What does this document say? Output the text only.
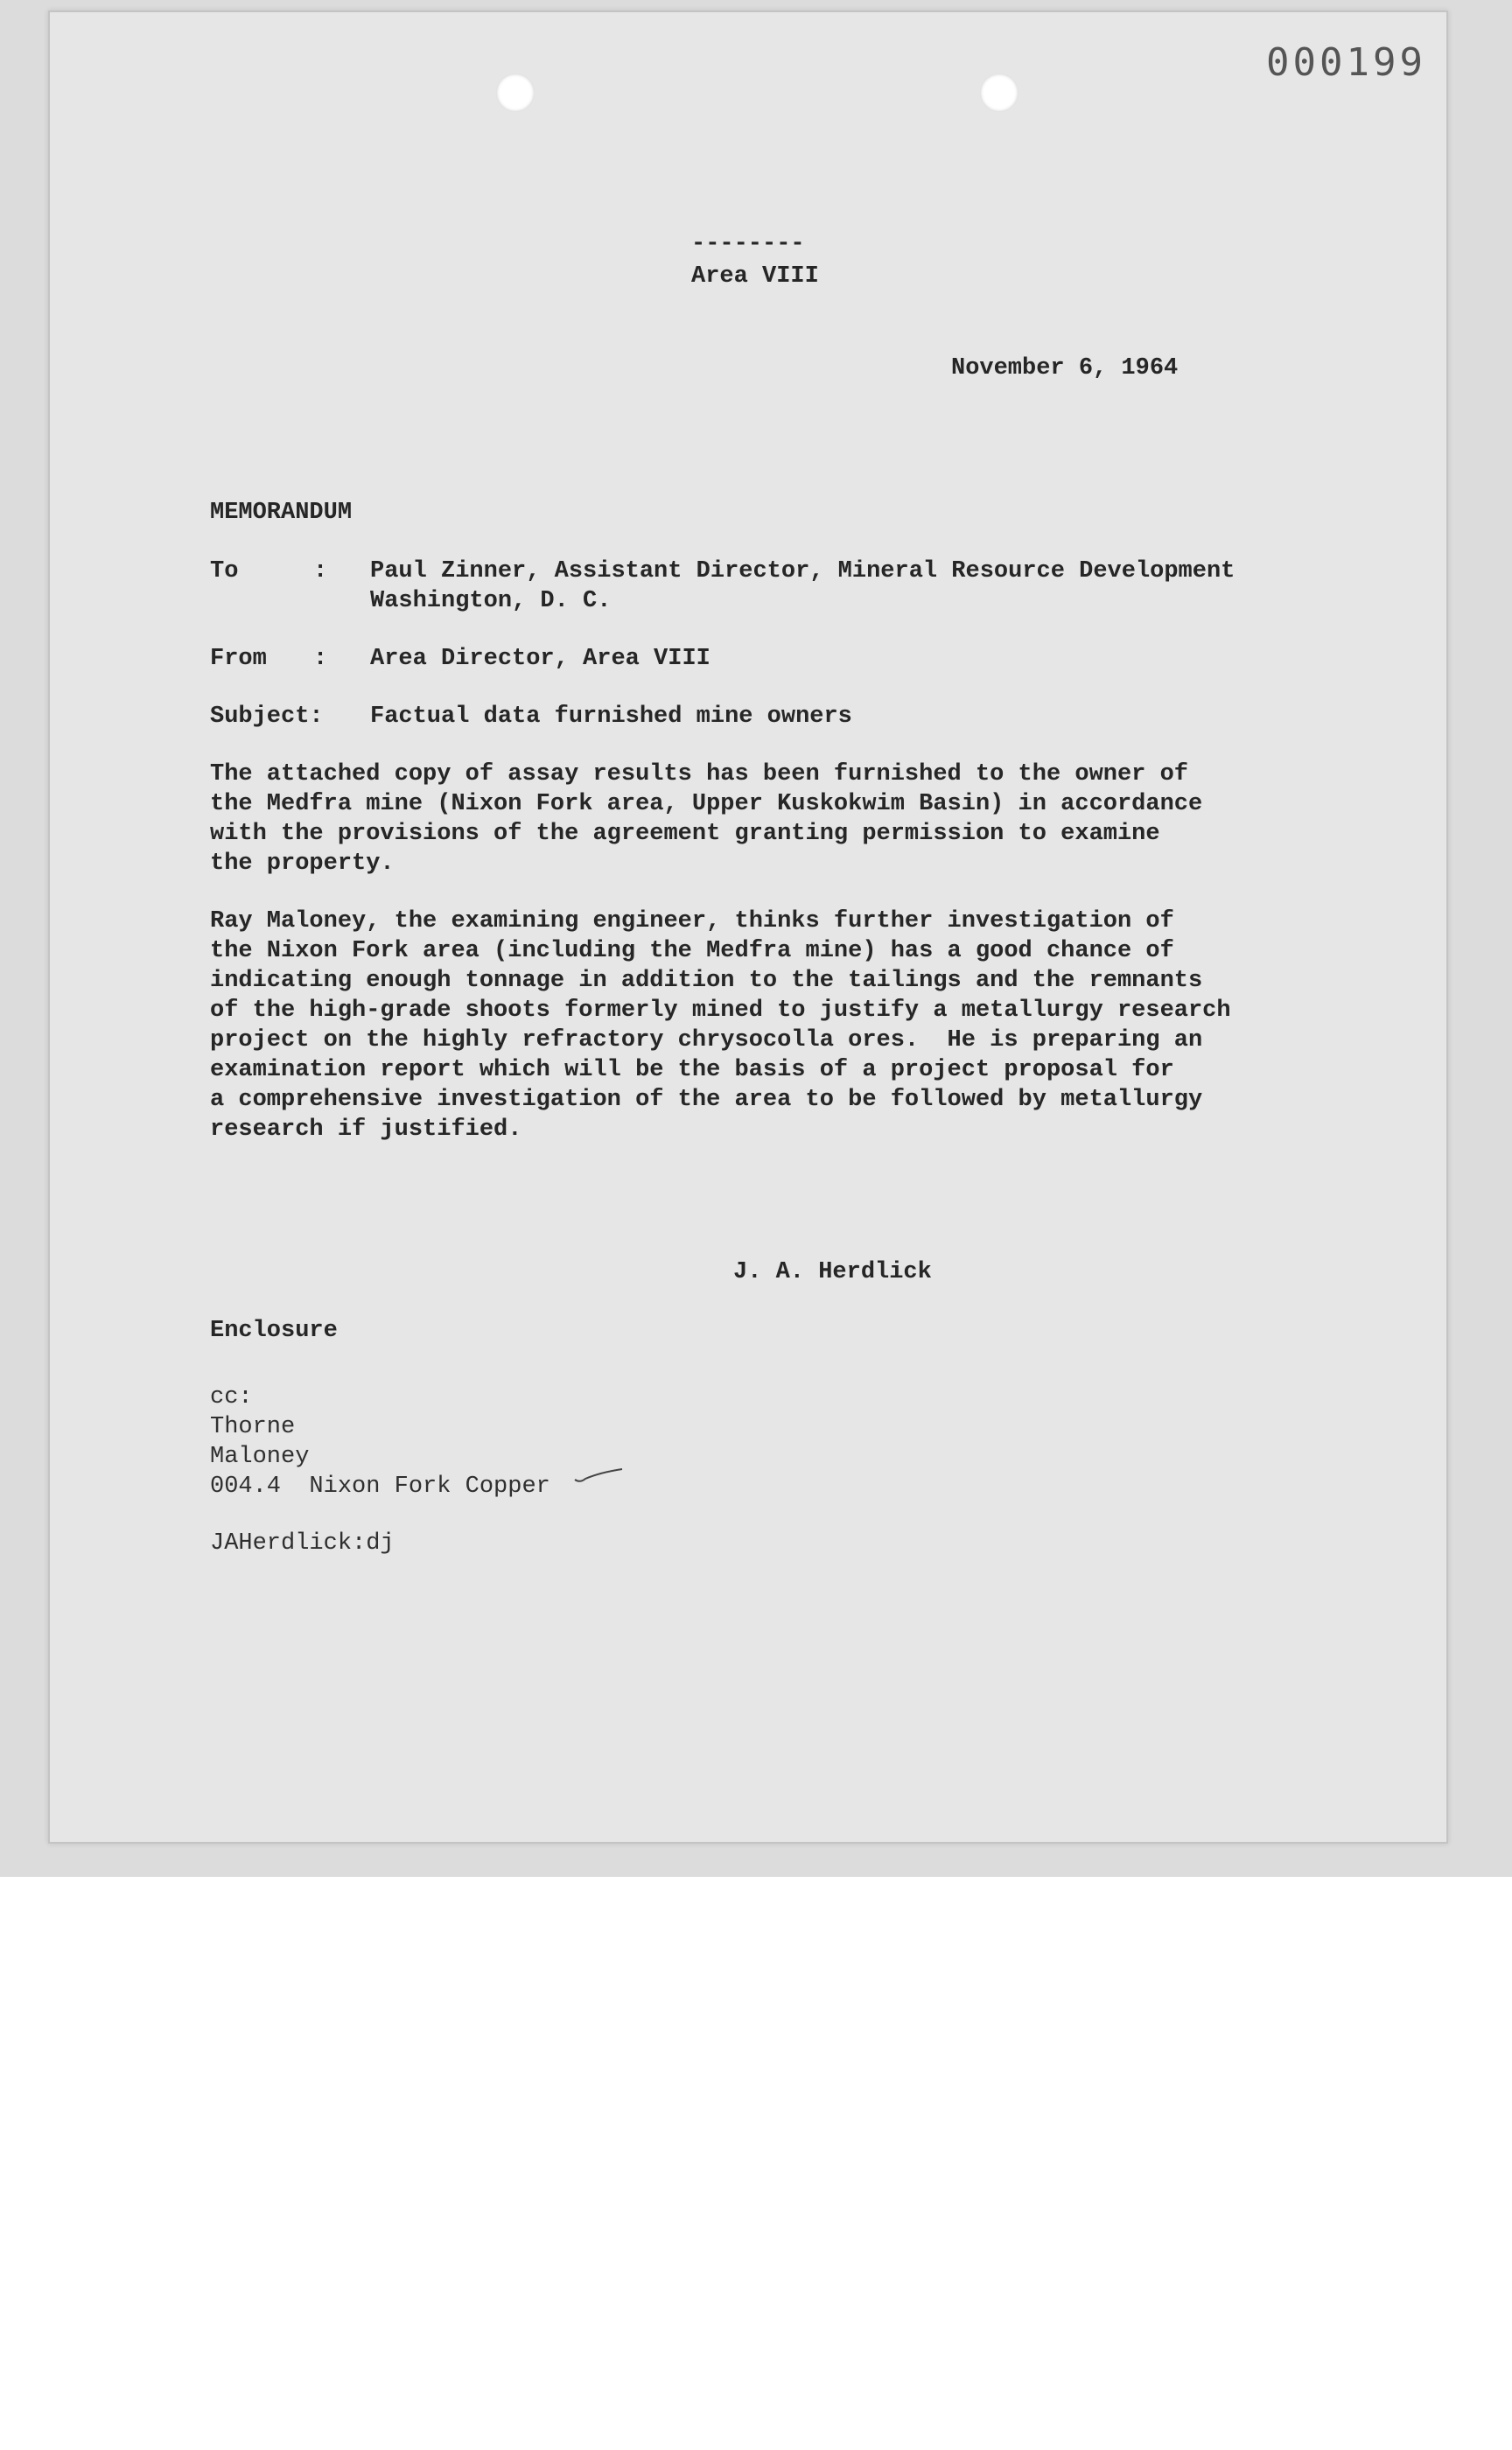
000199
--------
Area VIII
November 6, 1964
MEMORANDUM
To	: Paul Zinner, Assistant Director, Mineral Resource Development
Washington, D. C.
From : Area Director, Area VIII
Subject: Factual data furnished mine owners
The attached copy of assay results has been furnished to the owner of
the Medfra mine (Nixon Fork area, Upper Kuskokwim Basin) in accordance
with the provisions of the agreement granting permission to examine
the property.
Ray Maloney, the examining engineer, thinks further investigation of
the Nixon Fork area (including the Medfra mine) has a good chance of
indicating enough tonnage in addition to the tailings and the remnants
of the high-grade shoots formerly mined to justify a metallurgy research
project on the highly refractory chrysocolla ores.  He is preparing an
examination report which will be the basis of a project proposal for
a comprehensive investigation of the area to be followed by metallurgy
research if justified.
J. A. Herdlick
Enclosure
cc:
Thorne
Maloney
004.4  Nixon Fork Copper
JAHerdlick:dj
